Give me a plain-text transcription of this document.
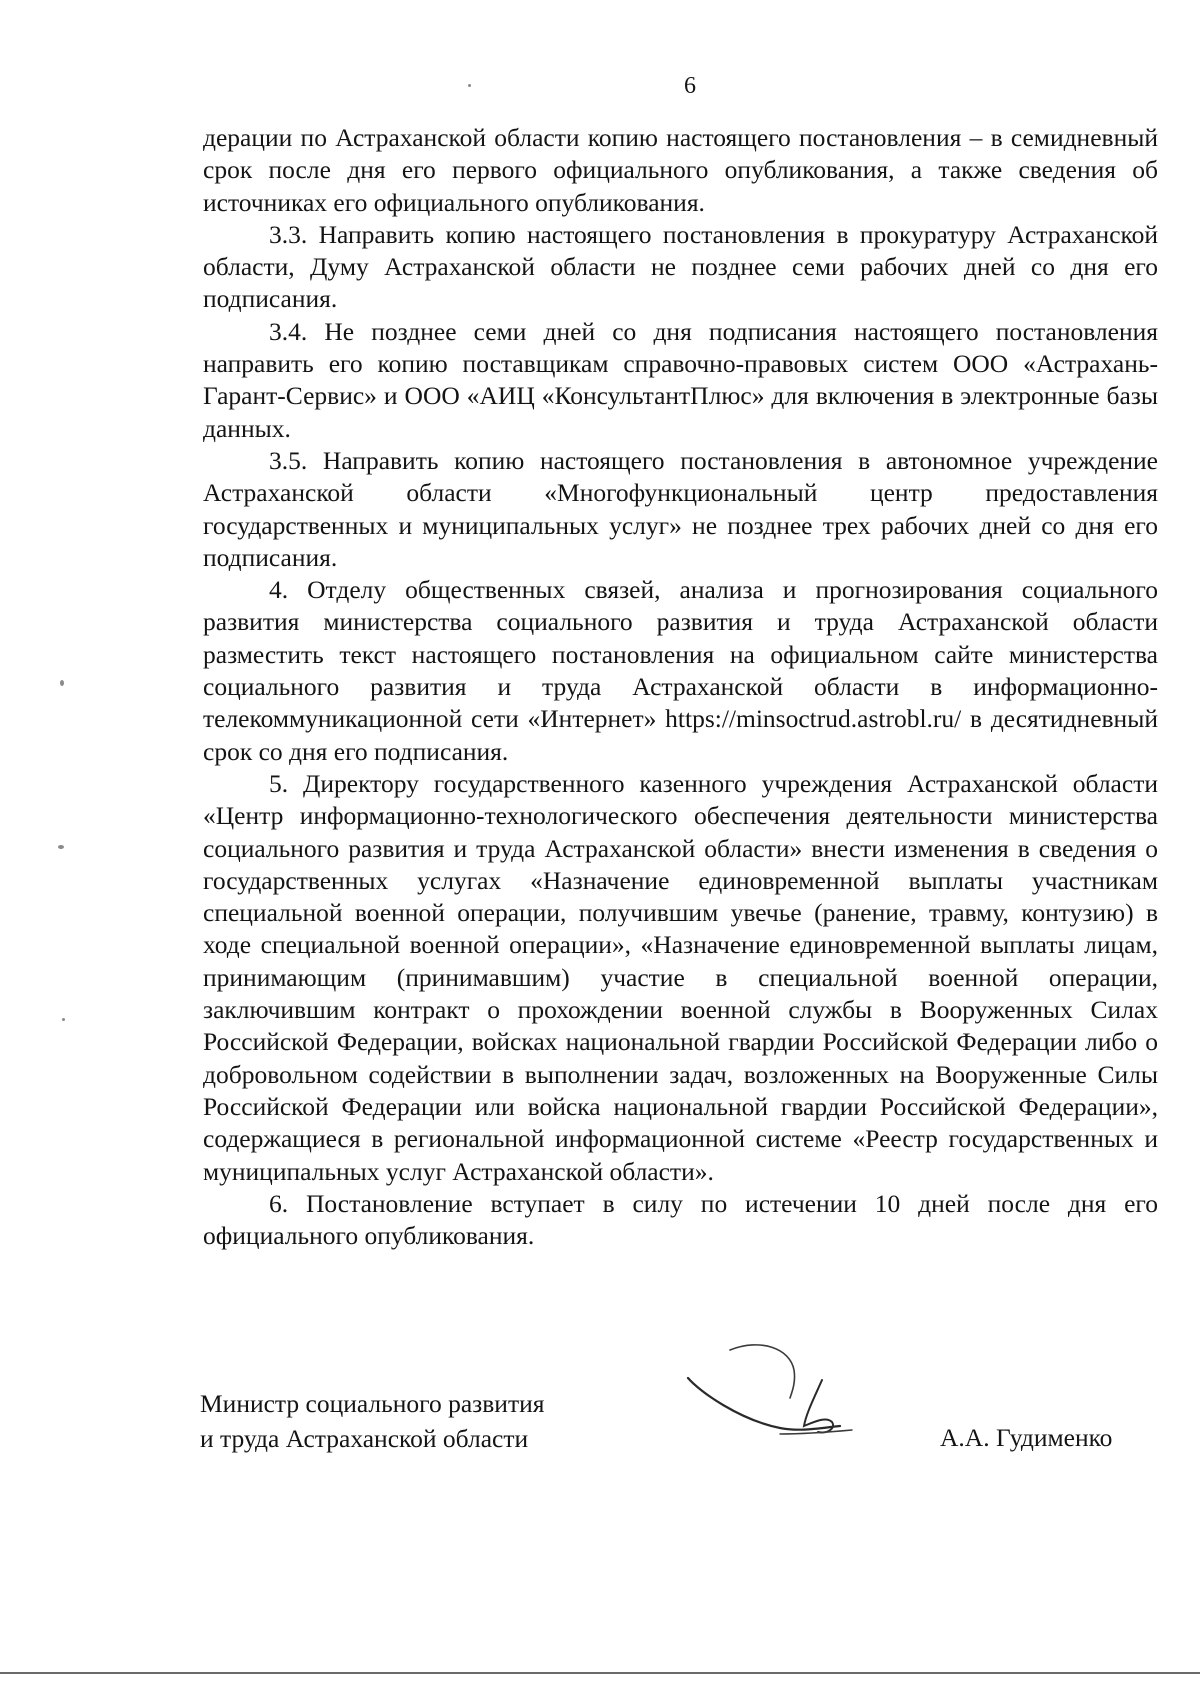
6

дерации по Астраханской области копию настоящего постановления – в семидневный срок после дня его первого официального опубликования, а также сведения об источниках его официального опубликования.

3.3. Направить копию настоящего постановления в прокуратуру Астраханской области, Думу Астраханской области не позднее семи рабочих дней со дня его подписания.

3.4. Не позднее семи дней со дня подписания настоящего постановления направить его копию поставщикам справочно-правовых систем ООО «Астрахань-Гарант-Сервис» и ООО «АИЦ «КонсультантПлюс» для включения в электронные базы данных.

3.5. Направить копию настоящего постановления в автономное учреждение Астраханской области «Многофункциональный центр предоставления государственных и муниципальных услуг» не позднее трех рабочих дней со дня его подписания.

4. Отделу общественных связей, анализа и прогнозирования социального развития министерства социального развития и труда Астраханской области разместить текст настоящего постановления на официальном сайте министерства социального развития и труда Астраханской области в информационно-телекоммуникационной сети «Интернет» https://minsoctrud.astrobl.ru/ в десятидневный срок со дня его подписания.

5. Директору государственного казенного учреждения Астраханской области «Центр информационно-технологического обеспечения деятельности министерства социального развития и труда Астраханской области» внести изменения в сведения о государственных услугах «Назначение единовременной выплаты участникам специальной военной операции, получившим увечье (ранение, травму, контузию) в ходе специальной военной операции», «Назначение единовременной выплаты лицам, принимающим (принимавшим) участие в специальной военной операции, заключившим контракт о прохождении военной службы в Вооруженных Силах Российской Федерации, войсках национальной гвардии Российской Федерации либо о добровольном содействии в выполнении задач, возложенных на Вооруженные Силы Российской Федерации или войска национальной гвардии Российской Федерации», содержащиеся в региональной информационной системе «Реестр государственных и муниципальных услуг Астраханской области».

6. Постановление вступает в силу по истечении 10 дней после дня его официального опубликования.

Министр социального развития
и труда Астраханской области	А.А. Гудименко
